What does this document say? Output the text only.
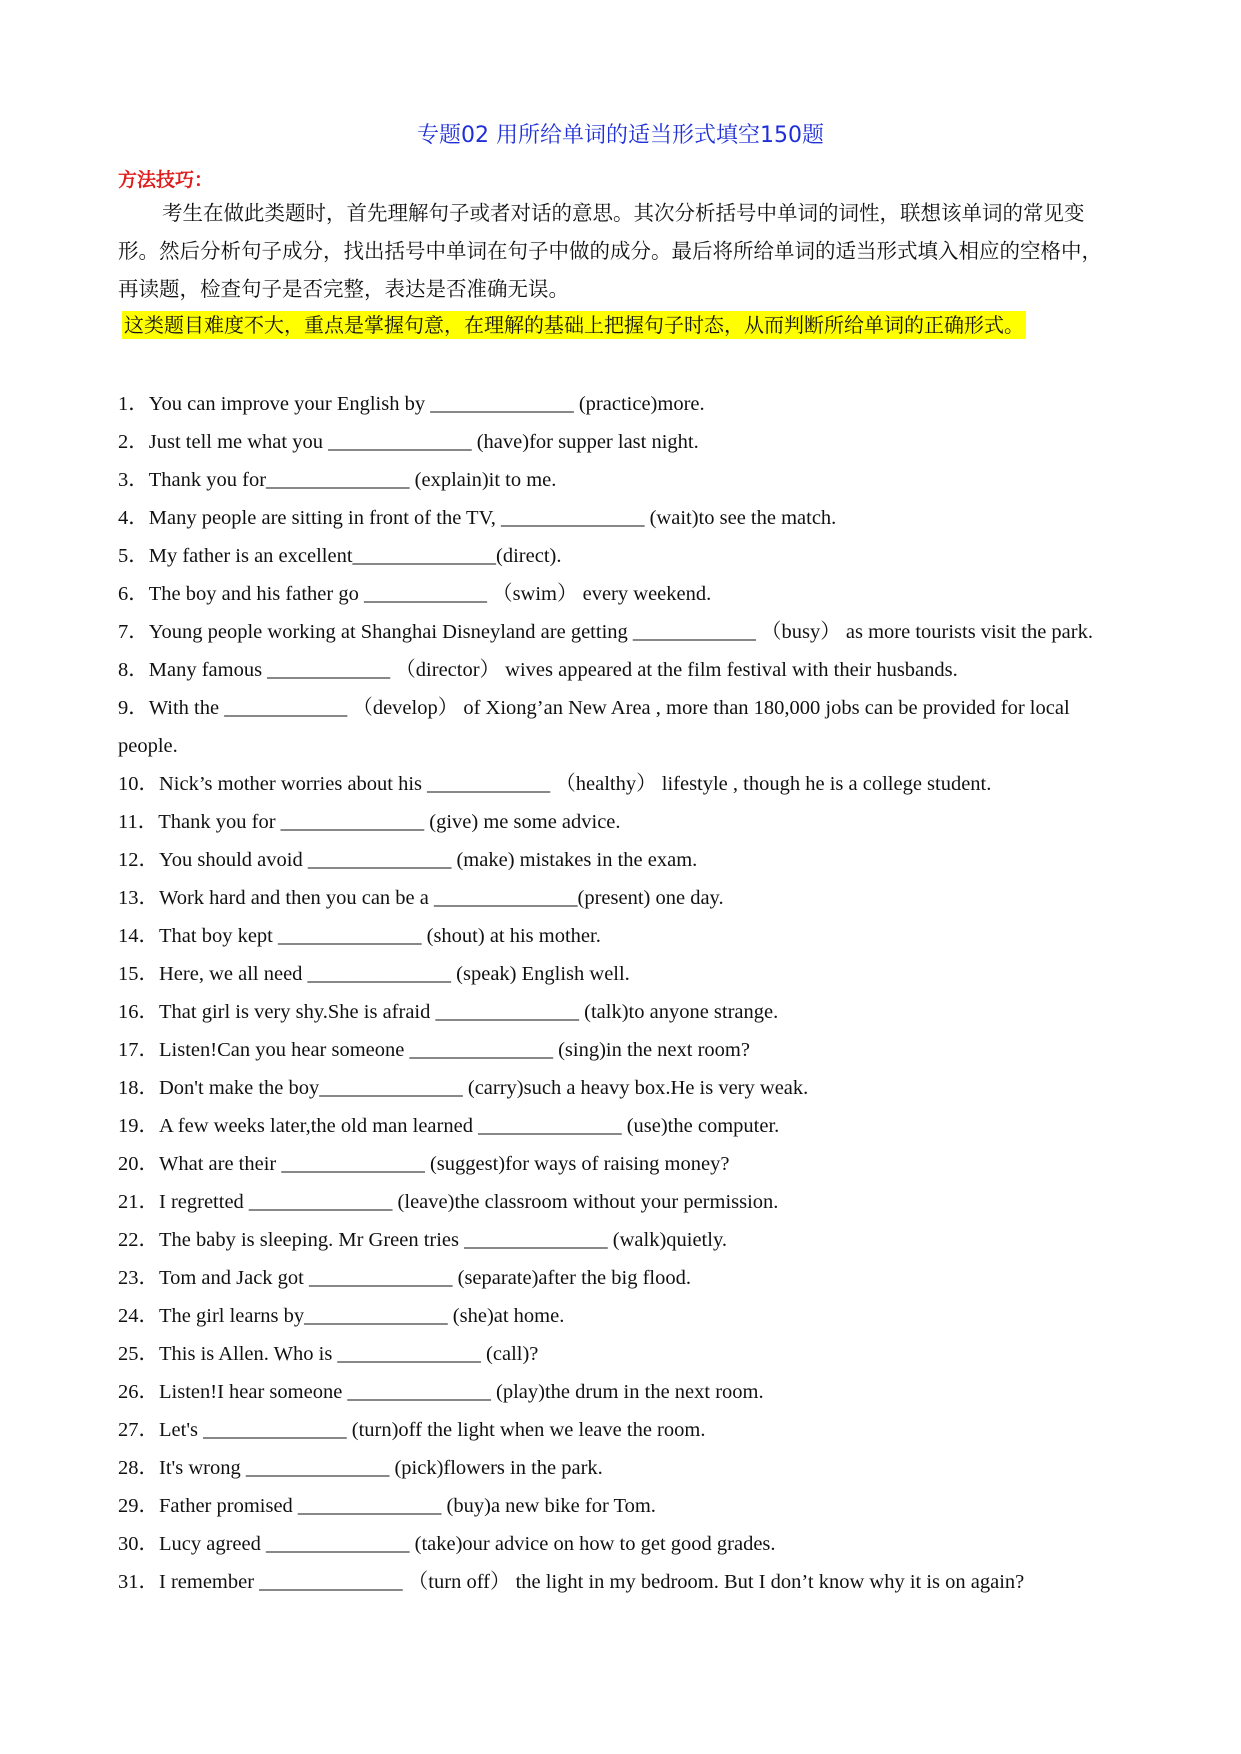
专题02 用所给单词的适当形式填空150题
方法技巧：
考生在做此类题时，首先理解句子或者对话的意思。其次分析括号中单词的词性，联想该单词的常见变形。然后分析句子成分，找出括号中单词在句子中做的成分。最后将所给单词的适当形式填入相应的空格中，再读题，检查句子是否完整，表达是否准确无误。
这类题目难度不大，重点是掌握句意，在理解的基础上把握句子时态，从而判断所给单词的正确形式。
1．You can improve your English by ______________ (practice)more.
2．Just tell me what you ______________ (have)for supper last night.
3．Thank you for______________ (explain)it to me.
4．Many people are sitting in front of the TV, ______________ (wait)to see the match.
5．My father is an excellent______________(direct).
6．The boy and his father go ____________ （swim） every weekend.
7．Young people working at Shanghai Disneyland are getting ____________ （busy） as more tourists visit the park.
8．Many famous ____________ （director） wives appeared at the film festival with their husbands.
9．With the ____________ （develop） of Xiong’an New Area , more than 180,000 jobs can be provided for local people.
10．Nick’s mother worries about his ____________ （healthy） lifestyle , though he is a college student.
11．Thank you for ______________ (give) me some advice.
12．You should avoid ______________ (make) mistakes in the exam.
13．Work hard and then you can be a ______________(present) one day.
14．That boy kept ______________ (shout) at his mother.
15．Here, we all need ______________ (speak) English well.
16．That girl is very shy.She is afraid ______________ (talk)to anyone strange.
17．Listen!Can you hear someone ______________ (sing)in the next room?
18．Don't make the boy______________ (carry)such a heavy box.He is very weak.
19．A few weeks later,the old man learned ______________ (use)the computer.
20．What are their ______________ (suggest)for ways of raising money?
21．I regretted ______________ (leave)the classroom without your permission.
22．The baby is sleeping. Mr Green tries ______________ (walk)quietly.
23．Tom and Jack got ______________ (separate)after the big flood.
24．The girl learns by______________ (she)at home.
25．This is Allen. Who is ______________ (call)?
26．Listen!I hear someone ______________ (play)the drum in the next room.
27．Let's ______________ (turn)off the light when we leave the room.
28．It's wrong ______________ (pick)flowers in the park.
29．Father promised ______________ (buy)a new bike for Tom.
30．Lucy agreed ______________ (take)our advice on how to get good grades.
31．I remember ______________ （turn off） the light in my bedroom. But I don’t know why it is on again?
